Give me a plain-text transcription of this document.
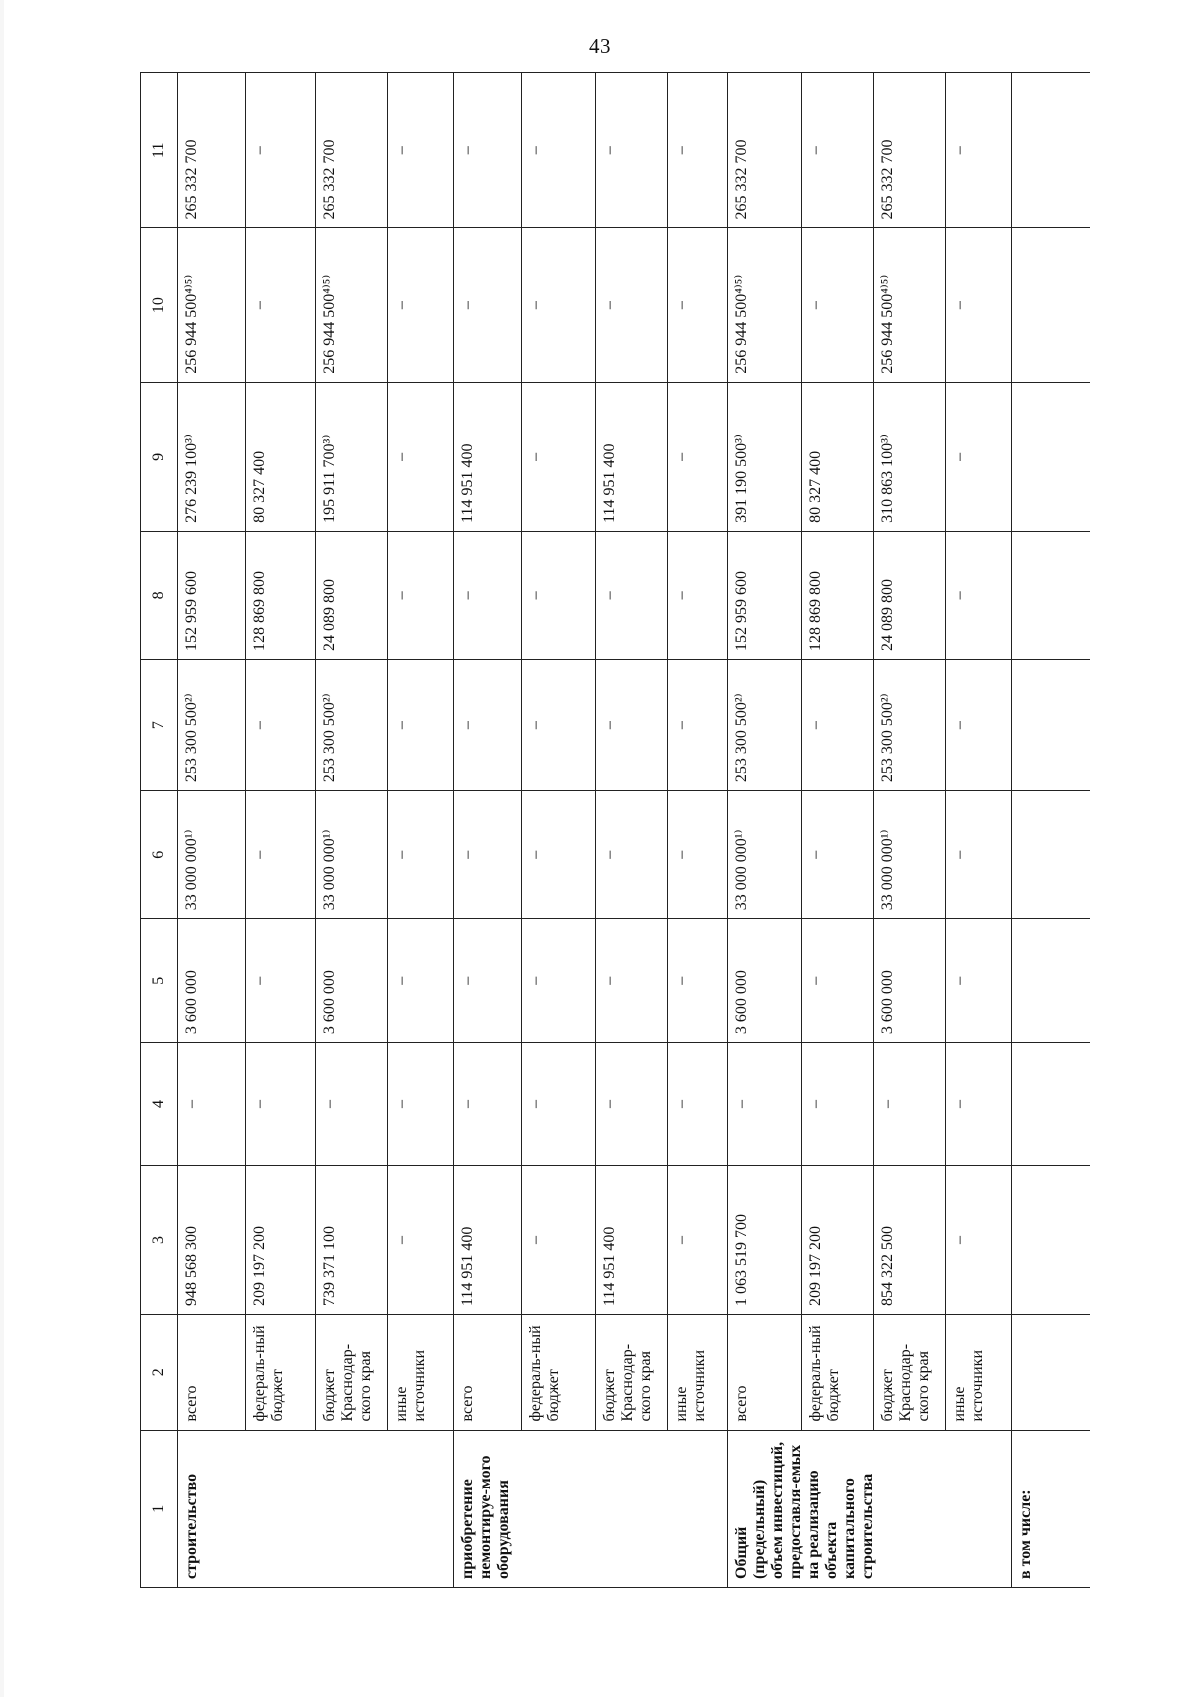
43
1	2	3	4	5	6	7	8	9	10	11
строительство	всего	948 568 300	–	3 600 000	33 000 000¹⁾	253 300 500²⁾	152 959 600	276 239 100³⁾	256 944 500⁴⁾⁵⁾	265 332 700
	федераль-ный бюджет	209 197 200	–	–	–	–	128 869 800	80 327 400	–	–
	бюджет Краснодар-ского края	739 371 100	–	3 600 000	33 000 000¹⁾	253 300 500²⁾	24 089 800	195 911 700³⁾	256 944 500⁴⁾⁵⁾	265 332 700
	иные источники	–	–	–	–	–	–	–	–	–
приобретение немонтируе-мого оборудования	всего	114 951 400	–	–	–	–	–	114 951 400	–	–
	федераль-ный бюджет	–	–	–	–	–	–	–	–	–
	бюджет Краснодар-ского края	114 951 400	–	–	–	–	–	114 951 400	–	–
	иные источники	–	–	–	–	–	–	–	–	–
Общий (предельный) объем инвестиций, предоставля-емых на реализацию объекта капитального строительства	всего	1 063 519 700	–	3 600 000	33 000 000¹⁾	253 300 500²⁾	152 959 600	391 190 500³⁾	256 944 500⁴⁾⁵⁾	265 332 700
	федераль-ный бюджет	209 197 200	–	–	–	–	128 869 800	80 327 400	–	–
	бюджет Краснодар-ского края	854 322 500	–	3 600 000	33 000 000¹⁾	253 300 500²⁾	24 089 800	310 863 100³⁾	256 944 500⁴⁾⁵⁾	265 332 700
	иные источники	–	–	–	–	–	–	–	–	–
в том числе:										
